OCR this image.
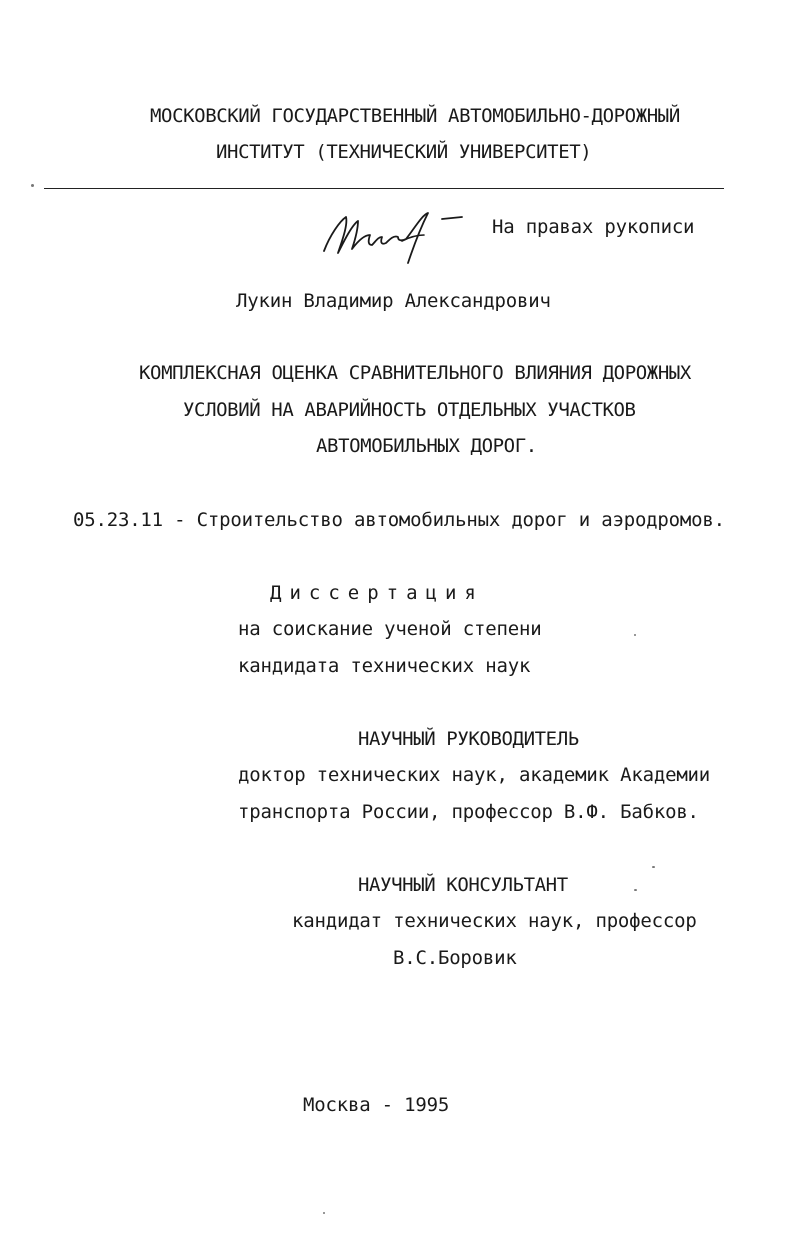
МОСКОВСКИЙ ГОСУДАРСТВЕННЫЙ АВТОМОБИЛЬНО-ДОРОЖНЫЙ
ИНСТИТУТ (ТЕХНИЧЕСКИЙ УНИВЕРСИТЕТ)
На правах рукописи
Лукин Владимир Александрович
КОМПЛЕКСНАЯ ОЦЕНКА СРАВНИТЕЛЬНОГО ВЛИЯНИЯ ДОРОЖНЫХ
УСЛОВИЙ НА АВАРИЙНОСТЬ ОТДЕЛЬНЫХ УЧАСТКОВ
АВТОМОБИЛЬНЫХ ДОРОГ.
05.23.11 - Строительство автомобильных дорог и аэродромов.
Диссертация
на соискание ученой степени
кандидата технических наук
НАУЧНЫЙ РУКОВОДИТЕЛЬ
доктор технических наук, академик Академии
транспорта России, профессор В.Ф. Бабков.
НАУЧНЫЙ КОНСУЛЬТАНТ
кандидат технических наук, профессор
В.С.Боровик
Москва - 1995
